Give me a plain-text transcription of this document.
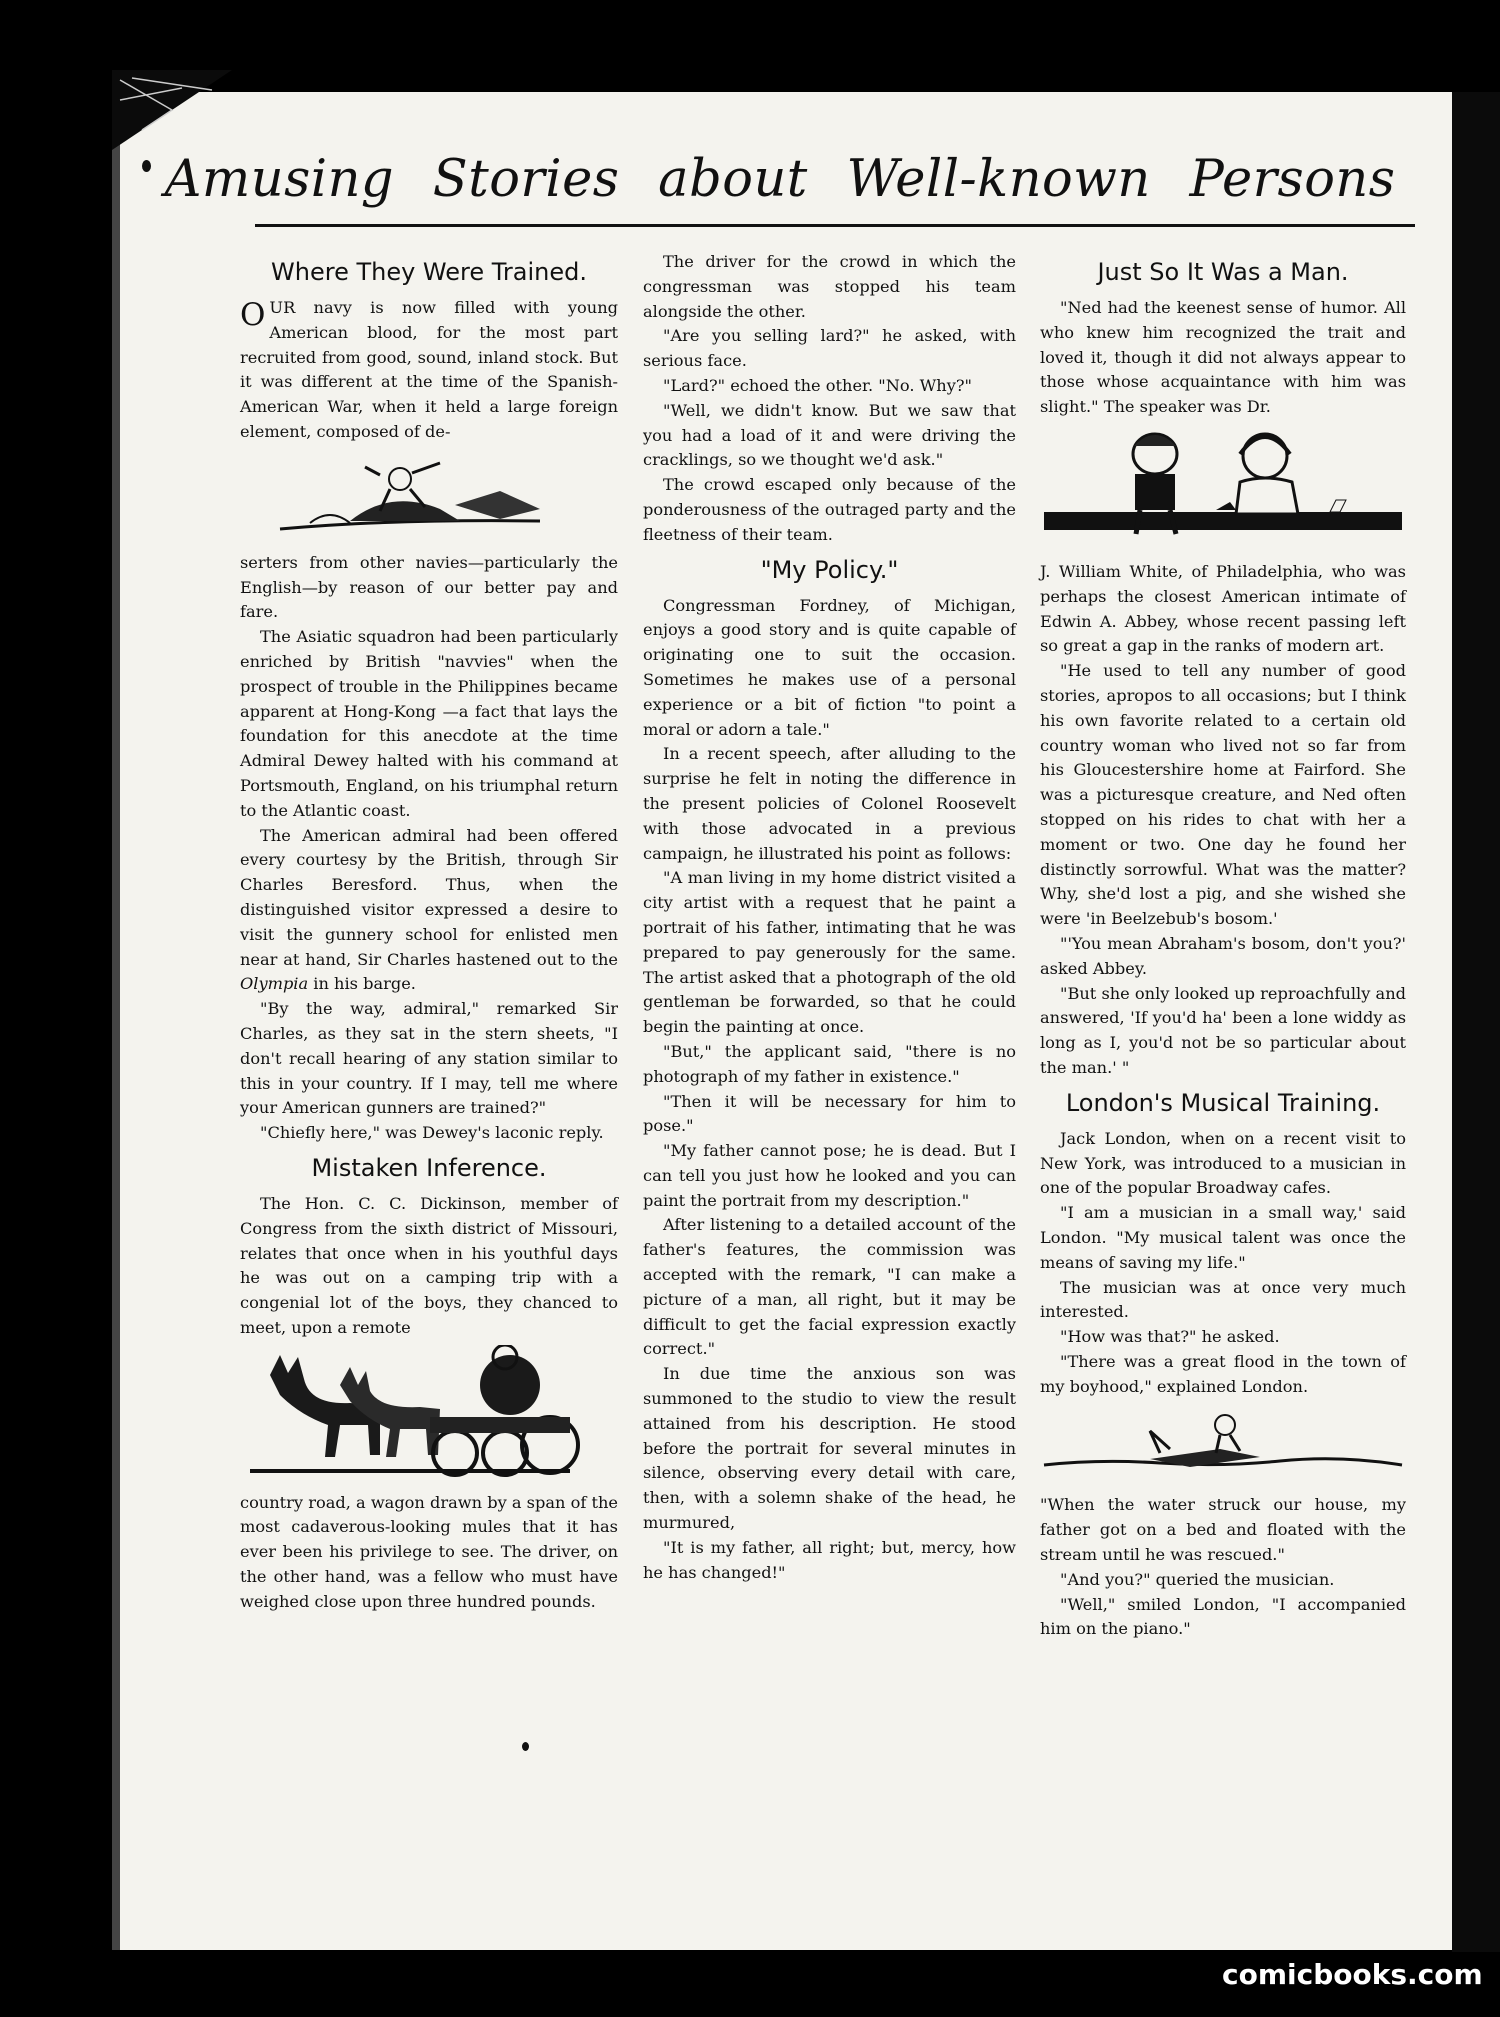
Amusing Stories about Well-known Persons
Where They Were Trained.

OUR navy is now filled with young American blood, for the most part recruited from good, sound, inland stock. But it was different at the time of the Spanish-American War, when it held a large foreign element, composed of de-

serters from other navies—particularly the English—by reason of our better pay and fare.

The Asiatic squadron had been particularly enriched by British "navvies" when the prospect of trouble in the Philippines became apparent at Hong-Kong —a fact that lays the foundation for this anecdote at the time Admiral Dewey halted with his command at Portsmouth, England, on his triumphal return to the Atlantic coast.

The American admiral had been offered every courtesy by the British, through Sir Charles Beresford. Thus, when the distinguished visitor expressed a desire to visit the gunnery school for enlisted men near at hand, Sir Charles hastened out to the Olympia in his barge.

"By the way, admiral," remarked Sir Charles, as they sat in the stern sheets, "I don't recall hearing of any station similar to this in your country. If I may, tell me where your American gunners are trained?"

"Chiefly here," was Dewey's laconic reply.

Mistaken Inference.

The Hon. C. C. Dickinson, member of Congress from the sixth district of Missouri, relates that once when in his youthful days he was out on a camping trip with a congenial lot of the boys, they chanced to meet, upon a remote

country road, a wagon drawn by a span of the most cadaverous-looking mules that it has ever been his privilege to see. The driver, on the other hand, was a fellow who must have weighed close upon three hundred pounds.

The driver for the crowd in which the congressman was stopped his team alongside the other.

"Are you selling lard?" he asked, with serious face.

"Lard?" echoed the other. "No. Why?"

"Well, we didn't know. But we saw that you had a load of it and were driving the cracklings, so we thought we'd ask."

The crowd escaped only because of the ponderousness of the outraged party and the fleetness of their team.

"My Policy."

Congressman Fordney, of Michigan, enjoys a good story and is quite capable of originating one to suit the occasion. Sometimes he makes use of a personal experience or a bit of fiction "to point a moral or adorn a tale."

In a recent speech, after alluding to the surprise he felt in noting the difference in the present policies of Colonel Roosevelt with those advocated in a previous campaign, he illustrated his point as follows:

"A man living in my home district visited a city artist with a request that he paint a portrait of his father, intimating that he was prepared to pay generously for the same. The artist asked that a photograph of the old gentleman be forwarded, so that he could begin the painting at once.

"But," the applicant said, "there is no photograph of my father in existence."

"Then it will be necessary for him to pose."

"My father cannot pose; he is dead. But I can tell you just how he looked and you can paint the portrait from my description."

After listening to a detailed account of the father's features, the commission was accepted with the remark, "I can make a picture of a man, all right, but it may be difficult to get the facial expression exactly correct."

In due time the anxious son was summoned to the studio to view the result attained from his description. He stood before the portrait for several minutes in silence, observing every detail with care, then, with a solemn shake of the head, he murmured,

"It is my father, all right; but, mercy, how he has changed!"

Just So It Was a Man.

"Ned had the keenest sense of humor. All who knew him recognized the trait and loved it, though it did not always appear to those whose acquaintance with him was slight." The speaker was Dr.

J. William White, of Philadelphia, who was perhaps the closest American intimate of Edwin A. Abbey, whose recent passing left so great a gap in the ranks of modern art.

"He used to tell any number of good stories, apropos to all occasions; but I think his own favorite related to a certain old country woman who lived not so far from his Gloucestershire home at Fairford. She was a picturesque creature, and Ned often stopped on his rides to chat with her a moment or two. One day he found her distinctly sorrowful. What was the matter? Why, she'd lost a pig, and she wished she were 'in Beelzebub's bosom.'

"'You mean Abraham's bosom, don't you?' asked Abbey.

"But she only looked up reproachfully and answered, 'If you'd ha' been a lone widdy as long as I, you'd not be so particular about the man.' "

London's Musical Training.

Jack London, when on a recent visit to New York, was introduced to a musician in one of the popular Broadway cafes.

"I am a musician in a small way,' said London. "My musical talent was once the means of saving my life."

The musician was at once very much interested.

"How was that?" he asked.

"There was a great flood in the town of my boyhood," explained London.

"When the water struck our house, my father got on a bed and floated with the stream until he was rescued."

"And you?" queried the musician.

"Well," smiled London, "I accompanied him on the piano."

comicbooks.com
